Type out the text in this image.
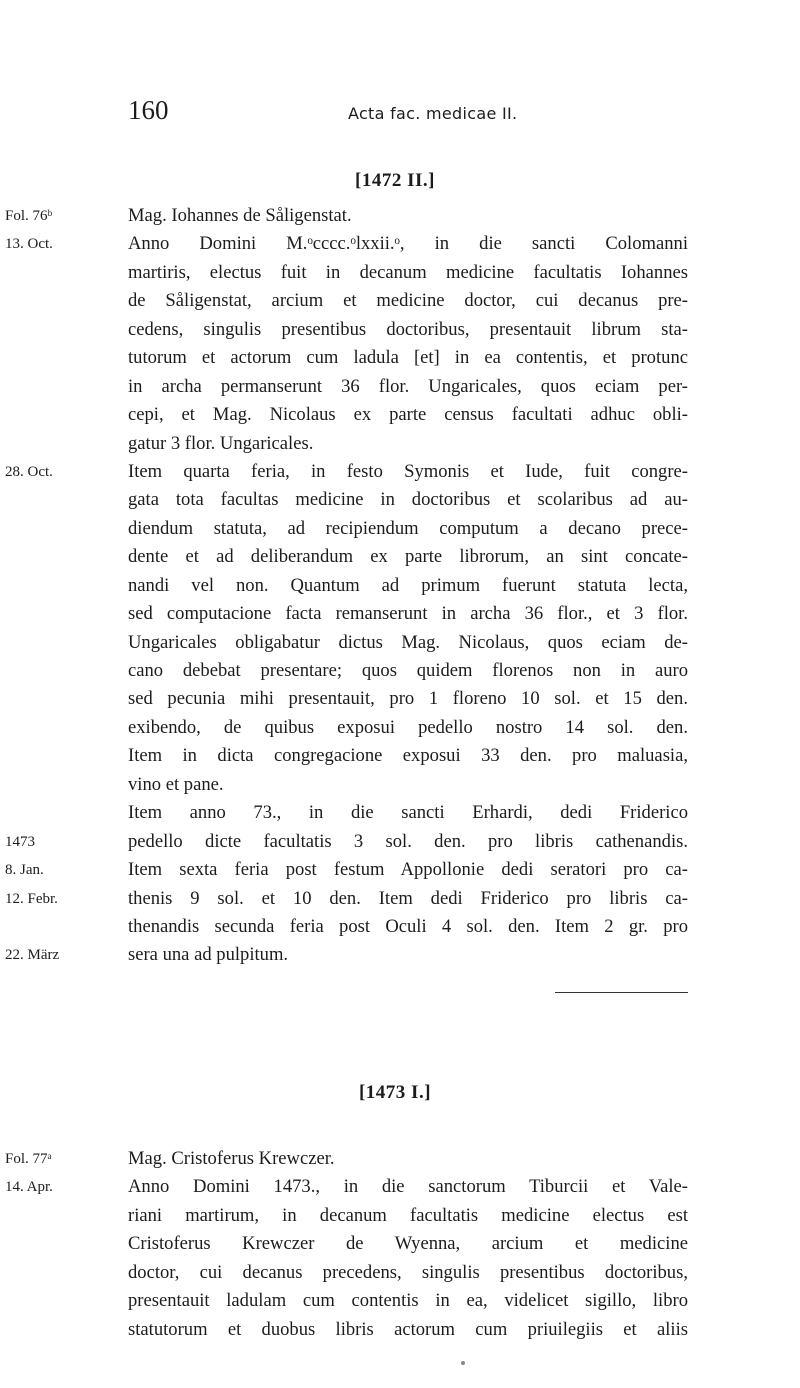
160	Acta fac. medicae II.
[1472 II.]
Fol. 76ᵇ
13. Oct.
28. Oct.
1473
8. Jan.
12. Febr.
22. März
Mag. Iohannes de Såligenstat.
Anno Domini M.ᵒcccc.ᵒlxxii.ᵒ, in die sancti Colomanni
martiris, electus fuit in decanum medicine facultatis Iohannes
de Såligenstat, arcium et medicine doctor, cui decanus pre-
cedens, singulis presentibus doctoribus, presentauit librum sta-
tutorum et actorum cum ladula [et] in ea contentis, et protunc
in archa permanserunt 36 flor. Ungaricales, quos eciam per-
cepi, et Mag. Nicolaus ex parte census facultati adhuc obli-
gatur 3 flor. Ungaricales.
Item quarta feria, in festo Symonis et Iude, fuit congre-
gata tota facultas medicine in doctoribus et scolaribus ad au-
diendum statuta, ad recipiendum computum a decano prece-
dente et ad deliberandum ex parte librorum, an sint concate-
nandi vel non. Quantum ad primum fuerunt statuta lecta,
sed computacione facta remanserunt in archa 36 flor., et 3 flor.
Ungaricales obligabatur dictus Mag. Nicolaus, quos eciam de-
cano debebat presentare; quos quidem florenos non in auro
sed pecunia mihi presentauit, pro 1 floreno 10 sol. et 15 den.
exibendo, de quibus exposui pedello nostro 14 sol. den.
Item in dicta congregacione exposui 33 den. pro maluasia,
vino et pane.
Item anno 73., in die sancti Erhardi, dedi Friderico
pedello dicte facultatis 3 sol. den. pro libris cathenandis.
Item sexta feria post festum Appollonie dedi seratori pro ca-
thenis 9 sol. et 10 den. Item dedi Friderico pro libris ca-
thenandis secunda feria post Oculi 4 sol. den. Item 2 gr. pro
sera una ad pulpitum.
[1473 I.]
Fol. 77ᵃ
14. Apr.
Mag. Cristoferus Krewczer.
Anno Domini 1473., in die sanctorum Tiburcii et Vale-
riani martirum, in decanum facultatis medicine electus est
Cristoferus Krewczer de Wyenna, arcium et medicine
doctor, cui decanus precedens, singulis presentibus doctoribus,
presentauit ladulam cum contentis in ea, videlicet sigillo, libro
statutorum et duobus libris actorum cum priuilegiis et aliis
